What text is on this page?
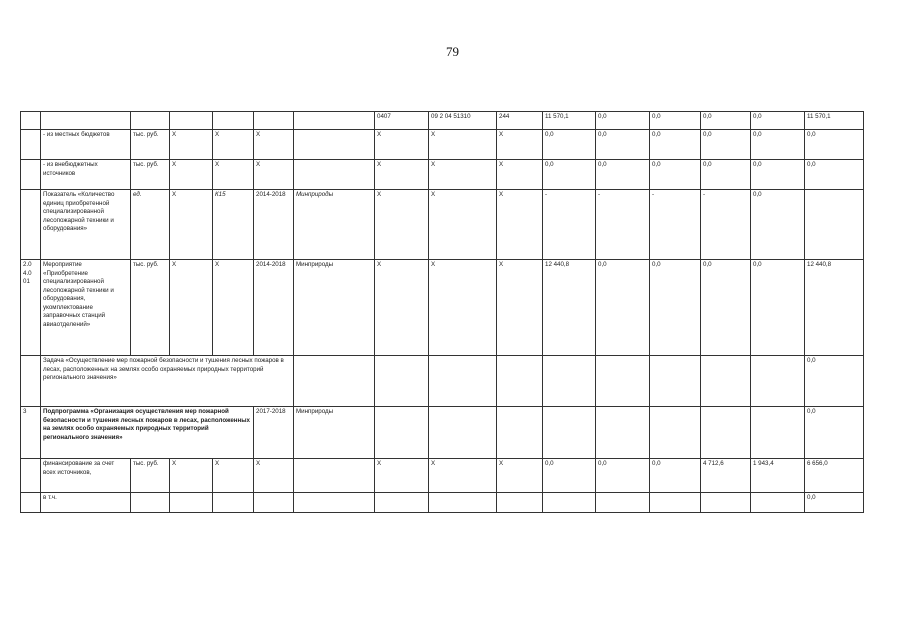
79
							0407	09 2 04 51310	244	11 570,1	0,0	0,0	0,0	0,0	11 570,1
	- из местных бюджетов	тыс. руб.	Х	Х	Х		Х	Х	Х	0,0	0,0	0,0	0,0	0,0	0,0
	- из внебюджетных источников	тыс. руб.	Х	Х	Х		Х	Х	Х	0,0	0,0	0,0	0,0	0,0	0,0
	Показатель «Количество единиц приобретенной специализированной лесопожарной техники и оборудования»	ед.	Х	К15	2014-2018	Минприроды	Х	Х	Х	-	-	-	-	0,0	
2.0 4.0 01	Мероприятие «Приобретение специализированной лесопожарной техники и оборудования, укомплектование заправочных станций авиаотделений»	тыс. руб.	Х	Х	2014-2018	Минприроды	Х	Х	Х	12 440,8	0,0	0,0	0,0	0,0	12 440,8
	Задача «Осуществление мер пожарной безопасности и тушения лесных пожаров в лесах, расположенных на землях особо охраняемых природных территорий регионального значения»														0,0
3	Подпрограмма «Организация осуществления мер пожарной безопасности и тушения лесных пожаров в лесах, расположенных на землях особо охраняемых природных территорий регионального значения»				2017-2018	Минприроды									0,0
	финансирование за счет всех источников,	тыс. руб.	Х	Х	Х		Х	Х	Х	0,0	0,0	0,0	4 712,6	1 943,4	6 656,0
	в т.ч.														0,0
